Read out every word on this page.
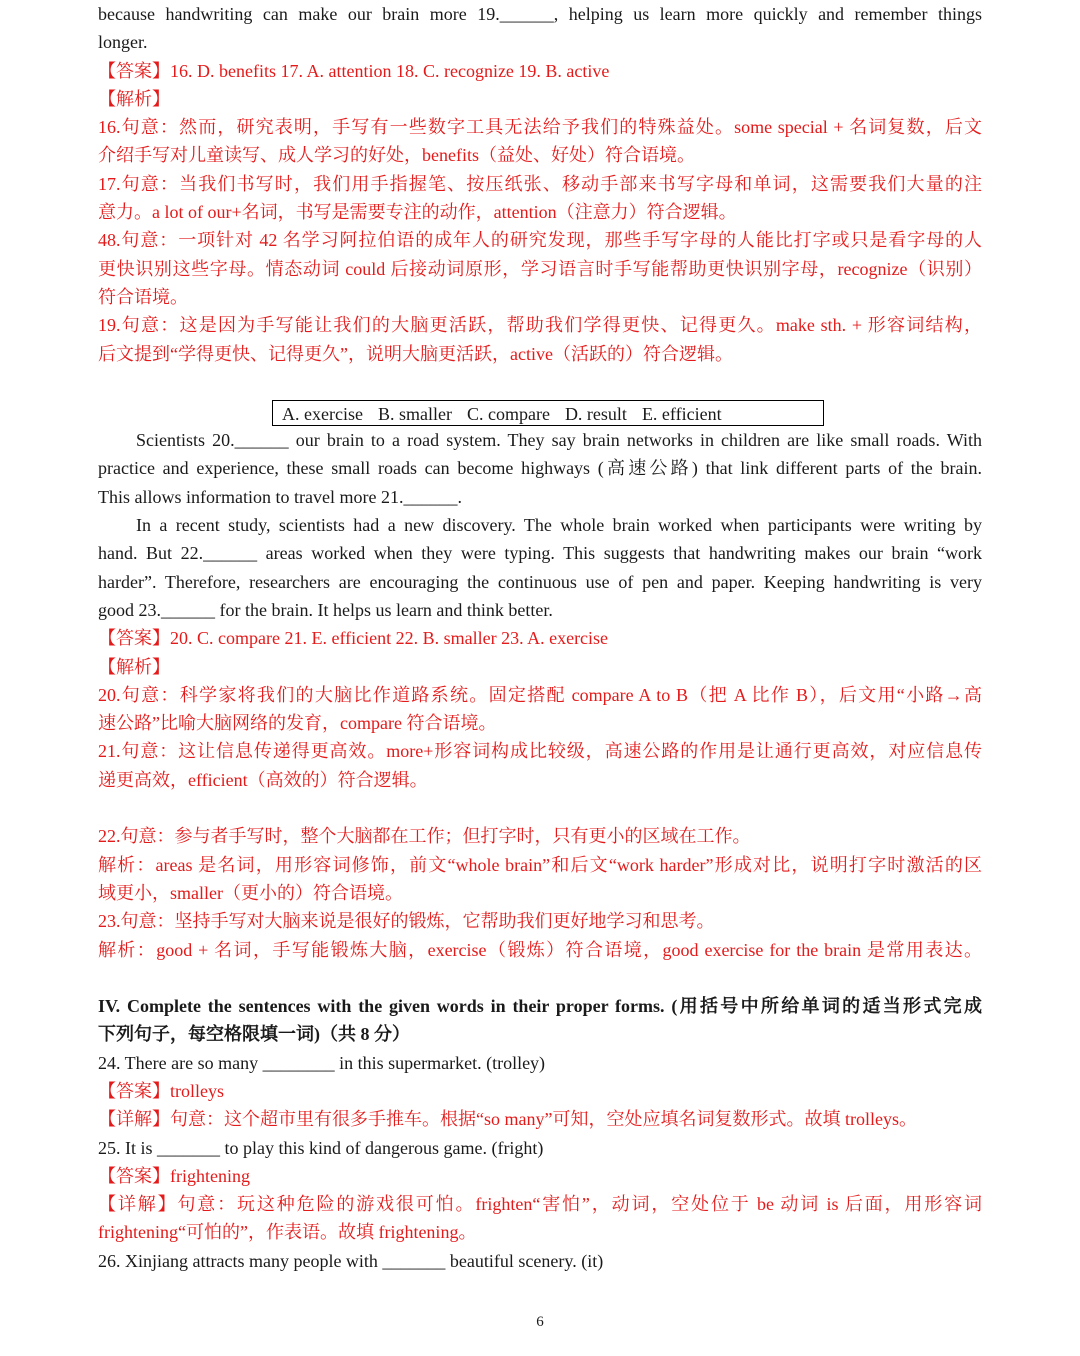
because handwriting can make our brain more 19.______, helping us learn more quickly and remember things
longer.
【答案】16. D. benefits 17. A. attention 18. C. recognize 19. B. active
【解析】
16.句意：然而，研究表明，手写有一些数字工具无法给予我们的特殊益处。some special + 名词复数，后文
介绍手写对儿童读写、成人学习的好处，benefits（益处、好处）符合语境。
17.句意：当我们书写时，我们用手指握笔、按压纸张、移动手部来书写字母和单词，这需要我们大量的注
意力。a lot of our+名词，书写是需要专注的动作，attention（注意力）符合逻辑。
48.句意：一项针对 42 名学习阿拉伯语的成年人的研究发现，那些手写字母的人能比打字或只是看字母的人
更快识别这些字母。情态动词 could 后接动词原形，学习语言时手写能帮助更快识别字母，recognize（识别）
符合语境。
19.句意：这是因为手写能让我们的大脑更活跃，帮助我们学得更快、记得更久。make sth. + 形容词结构，
后文提到“学得更快、记得更久”，说明大脑更活跃，active（活跃的）符合逻辑。
A. exercise B. smaller C. compare D. result E. efficient
Scientists 20.______ our brain to a road system. They say brain networks in children are like small roads. With
practice and experience, these small roads can become highways (高速公路) that link different parts of the brain.
This allows information to travel more 21.______.
In a recent study, scientists had a new discovery. The whole brain worked when participants were writing by
hand. But 22.______ areas worked when they were typing. This suggests that handwriting makes our brain “work
harder”. Therefore, researchers are encouraging the continuous use of pen and paper. Keeping handwriting is very
good 23.______ for the brain. It helps us learn and think better.
【答案】20. C. compare 21. E. efficient 22. B. smaller 23. A. exercise
【解析】
20.句意：科学家将我们的大脑比作道路系统。固定搭配 compare A to B（把 A 比作 B），后文用“小路→高
速公路”比喻大脑网络的发育，compare 符合语境。
21.句意：这让信息传递得更高效。more+形容词构成比较级，高速公路的作用是让通行更高效，对应信息传
递更高效，efficient（高效的）符合逻辑。
22.句意：参与者手写时，整个大脑都在工作；但打字时，只有更小的区域在工作。
解析：areas 是名词，用形容词修饰，前文“whole brain”和后文“work harder”形成对比，说明打字时激活的区
域更小，smaller（更小的）符合语境。
23.句意：坚持手写对大脑来说是很好的锻炼，它帮助我们更好地学习和思考。
解析：good + 名词，手写能锻炼大脑，exercise（锻炼）符合语境，good exercise for the brain 是常用表达。
IV. Complete the sentences with the given words in their proper forms. (用括号中所给单词的适当形式完成
下列句子，每空格限填一词)（共 8 分）
24. There are so many ________ in this supermarket. (trolley)
【答案】trolleys
【详解】句意：这个超市里有很多手推车。根据“so many”可知，空处应填名词复数形式。故填 trolleys。
25. It is _______ to play this kind of dangerous game. (fright)
【答案】frightening
【详解】句意：玩这种危险的游戏很可怕。frighten“害怕”，动词，空处位于 be 动词 is 后面，用形容词
frightening“可怕的”，作表语。故填 frightening。
26. Xinjiang attracts many people with _______ beautiful scenery. (it)
6
